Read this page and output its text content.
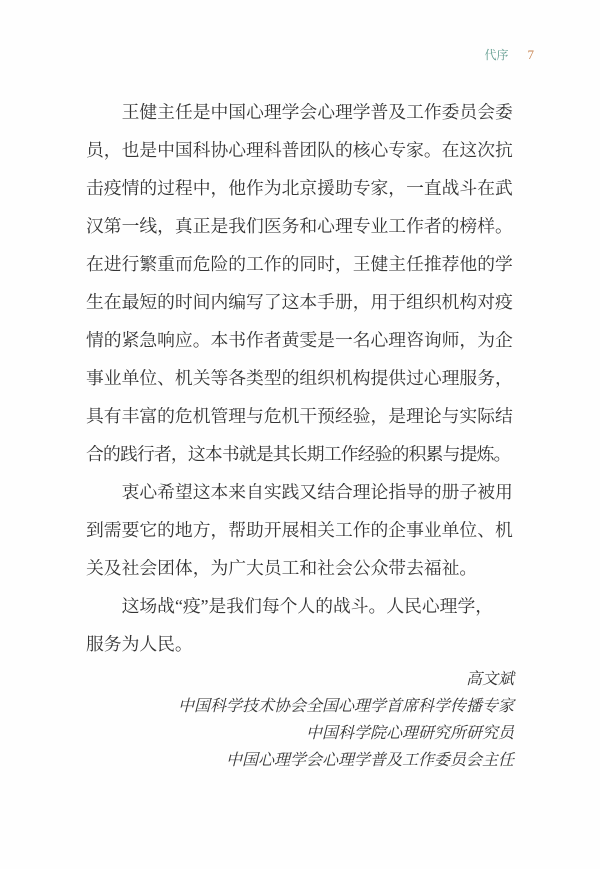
代序 7
王健主任是中国心理学会心理学普及工作委员会委
员，也是中国科协心理科普团队的核心专家。在这次抗
击疫情的过程中，他作为北京援助专家，一直战斗在武
汉第一线，真正是我们医务和心理专业工作者的榜样。
在进行繁重而危险的工作的同时，王健主任推荐他的学
生在最短的时间内编写了这本手册，用于组织机构对疫
情的紧急响应。本书作者黄雯是一名心理咨询师，为企
事业单位、机关等各类型的组织机构提供过心理服务，
具有丰富的危机管理与危机干预经验，是理论与实际结
合的践行者，这本书就是其长期工作经验的积累与提炼。
衷心希望这本来自实践又结合理论指导的册子被用
到需要它的地方，帮助开展相关工作的企事业单位、机
关及社会团体，为广大员工和社会公众带去福祉。
这场战“疫”是我们每个人的战斗。人民心理学，
服务为人民。
高文斌
中国科学技术协会全国心理学首席科学传播专家
中国科学院心理研究所研究员
中国心理学会心理学普及工作委员会主任
